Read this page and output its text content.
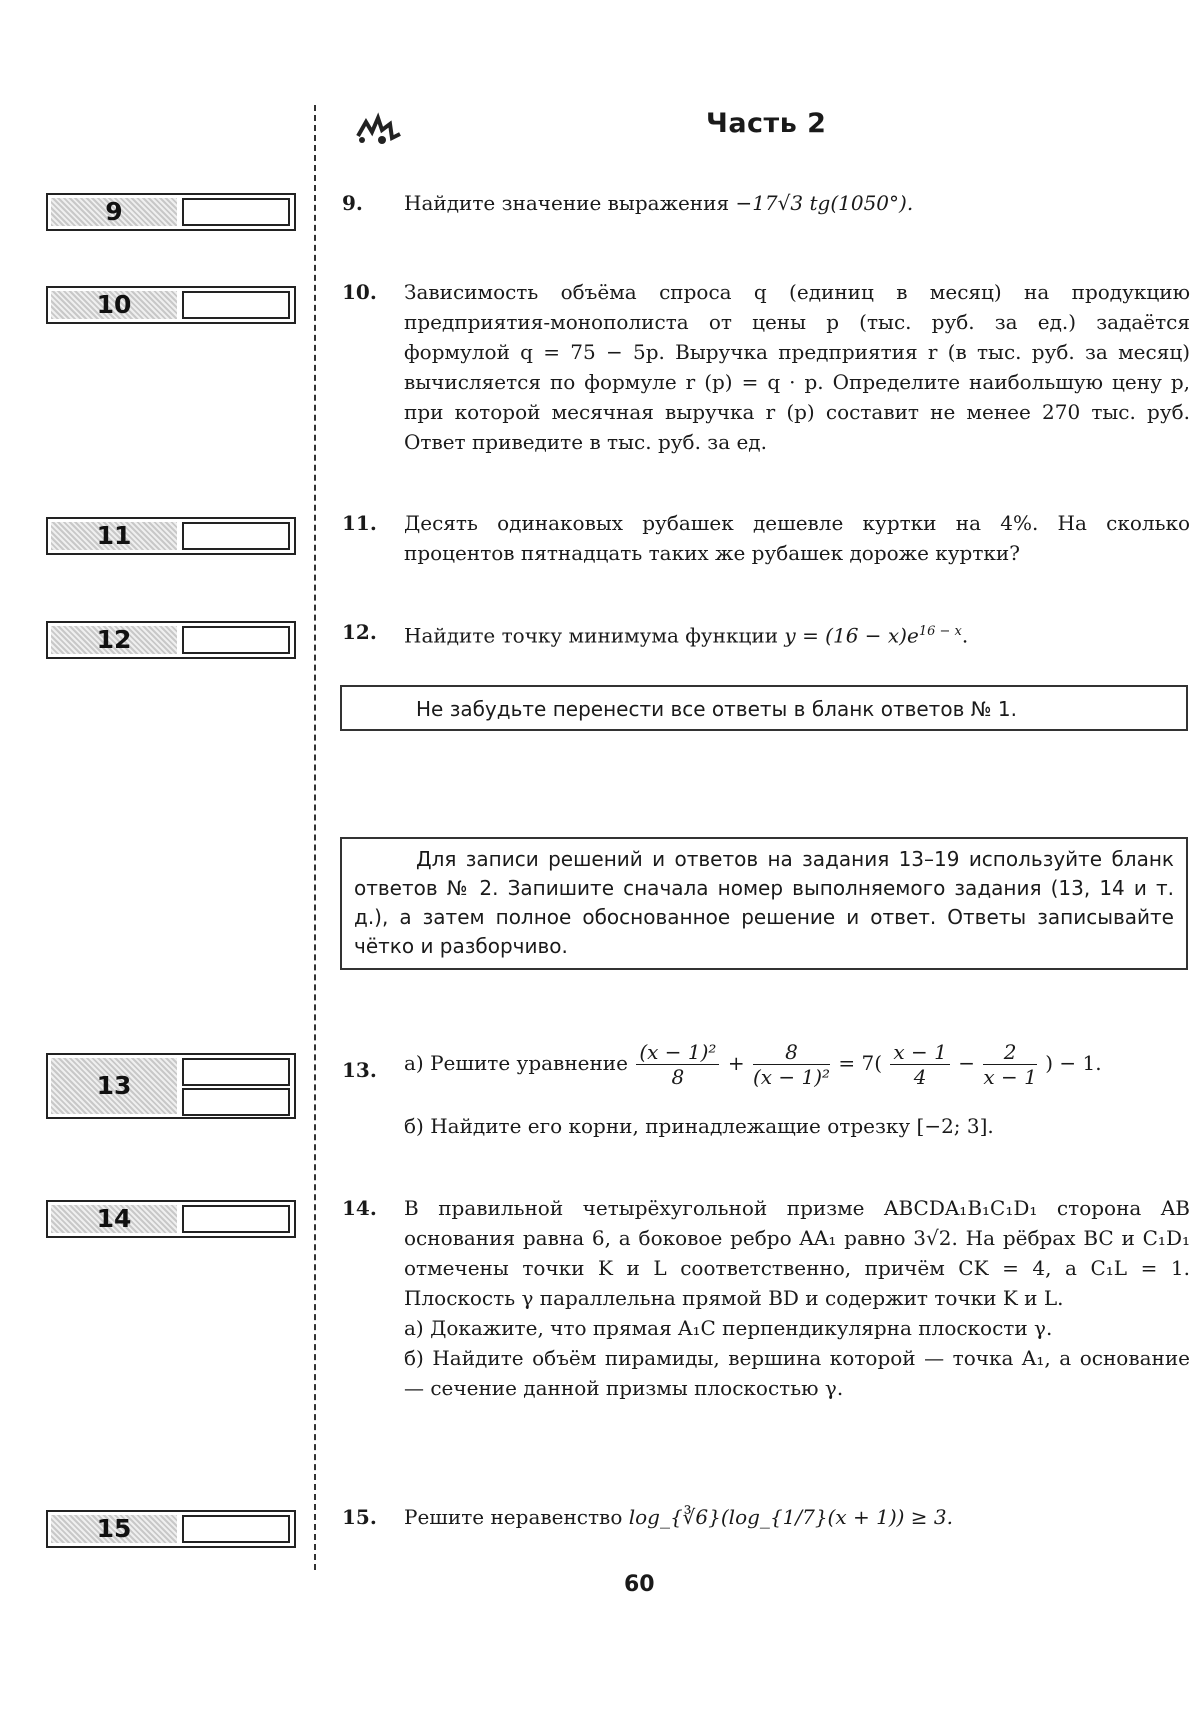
Часть 2
9
10
11
12
13
14
15
9. Найдите значение выражения −17√3 tg(1050°).
10. Зависимость объёма спроса q (единиц в месяц) на продукцию предприятия-монополиста от цены p (тыс. руб. за ед.) задаётся формулой q = 75 − 5p. Выручка предприятия r (в тыс. руб. за месяц) вычисляется по формуле r (p) = q · p. Определите наибольшую цену p, при которой месячная выручка r (p) составит не менее 270 тыс. руб. Ответ приведите в тыс. руб. за ед.

11. Десять одинаковых рубашек дешевле куртки на 4%. На сколько процентов пятнадцать таких же рубашек дороже куртки?

12. Найдите точку минимума функции $y = (16 - x)e^{16 - x}$.
Не забудьте перенести все ответы в бланк ответов № 1.
Для записи решений и ответов на задания 13–19 используйте бланк ответов № 2. Запишите сначала номер выполняемого задания (13, 14 и т. д.), а затем полное обоснованное решение и ответ. Ответы записывайте чётко и разборчиво.
13. а) Решите уравнение $\frac{\text{(x − 1)²}}{8} + \frac{8}{\text{(x − 1)²}} = 7( \frac{x - 1}{4} - \frac{2}{x - 1}$ ) − 1.

б) Найдите его корни, принадлежащие отрезку [−2; 3].

14. В правильной четырёхугольной призме ABCDA₁B₁C₁D₁ сторона AB основания равна 6, а боковое ребро AA₁ равно 3√2. На рёбрах BC и C₁D₁ отмечены точки K и L соответственно, причём CK = 4, а C₁L = 1. Плоскость γ параллельна прямой BD и содержит точки K и L.

а) Докажите, что прямая A₁C перпендикулярна плоскости γ.

б) Найдите объём пирамиды, вершина которой — точка A₁, а основание — сечение данной призмы плоскостью γ.

15. Решите неравенство log_{∛6}(log_{1/7}(x + 1)) ≥ 3.
60
